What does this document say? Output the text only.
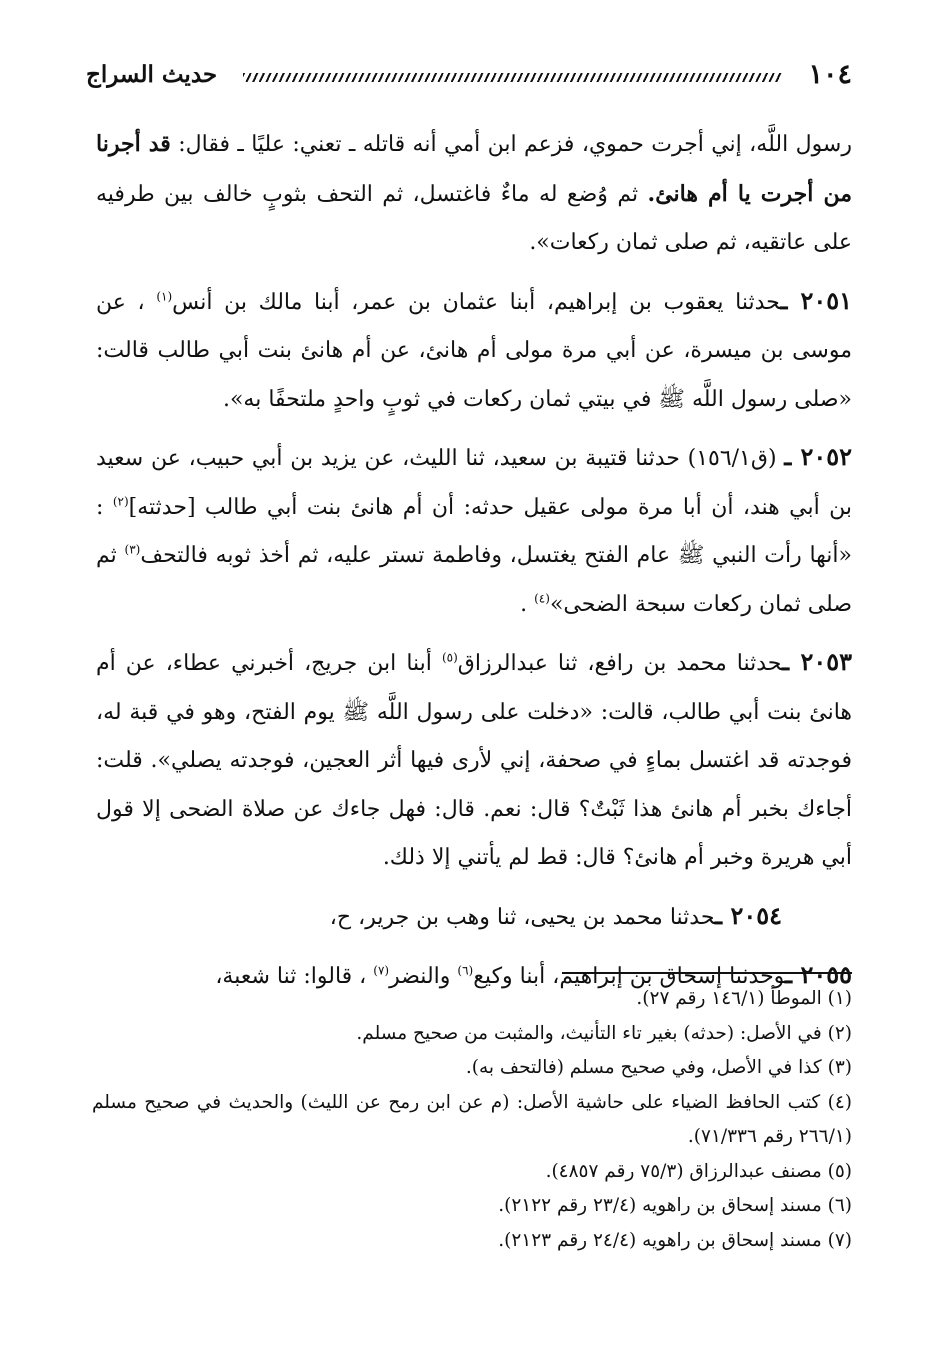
١٠٤
حديث السراج

رسول اللَّه، إني أجرت حموي، فزعم ابن أمي أنه قاتله ـ تعني: عليًا ـ فقال: قد أجرنا من أجرت يا أم هانئ. ثم وُضع له ماءٌ فاغتسل، ثم التحف بثوبٍ خالف بين طرفيه على عاتقيه، ثم صلى ثمان ركعات».

٢٠٥١ ـحدثنا يعقوب بن إبراهيم، أبنا عثمان بن عمر، أبنا مالك بن أنس$^{(١)}$ ، عن موسى بن ميسرة، عن أبي مرة مولى أم هانئ، عن أم هانئ بنت أبي طالب قالت: «صلى رسول اللَّه ﷺ في بيتي ثمان ركعات في ثوبٍ واحدٍ ملتحفًا به».

٢٠٥٢ ـ (ق١٥٦/١) حدثنا قتيبة بن سعيد، ثنا الليث، عن يزيد بن أبي حبيب، عن سعيد بن أبي هند، أن أبا مرة مولى عقيل حدثه: أن أم هانئ بنت أبي طالب [حدثته]$^{(٢)}$ : «أنها رأت النبي ﷺ عام الفتح يغتسل، وفاطمة تستر عليه، ثم أخذ ثوبه فالتحف$^{(٣)}$ ثم صلى ثمان ركعات سبحة الضحى»$^{(٤)}$ .

٢٠٥٣ ـحدثنا محمد بن رافع، ثنا عبدالرزاق$^{(٥)}$ أبنا ابن جريج، أخبرني عطاء، عن أم هانئ بنت أبي طالب، قالت: «دخلت على رسول اللَّه ﷺ يوم الفتح، وهو في قبة له، فوجدته قد اغتسل بماءٍ في صحفة، إني لأرى فيها أثر العجين، فوجدته يصلي». قلت: أجاءك بخبر أم هانئ هذا ثَبْتٌ؟ قال: نعم. قال: فهل جاءك عن صلاة الضحى إلا قول أبي هريرة وخبر أم هانئ؟ قال: قط لم يأتني إلا ذلك.

٢٠٥٤ ـحدثنا محمد بن يحيى، ثنا وهب بن جرير، ح،

٢٠٥٥ ـوحدثنا إسحاق بن إبراهيم، أبنا وكيع$^{(٦)}$ والنضر$^{(٧)}$ ، قالوا: ثنا شعبة،

(١) الموطأ (١٤٦/١ رقم ٢٧).

(٢) في الأصل: (حدثه) بغير تاء التأنيث، والمثبت من صحيح مسلم.

(٣) كذا في الأصل، وفي صحيح مسلم (فالتحف به).

(٤) كتب الحافظ الضياء على حاشية الأصل: (م عن ابن رمح عن الليث) والحديث في صحيح مسلم (٢٦٦/١ رقم ٧١/٣٣٦).

(٥) مصنف عبدالرزاق (٧٥/٣ رقم ٤٨٥٧).

(٦) مسند إسحاق بن راهويه (٢٣/٤ رقم ٢١٢٢).

(٧) مسند إسحاق بن راهويه (٢٤/٤ رقم ٢١٢٣).
